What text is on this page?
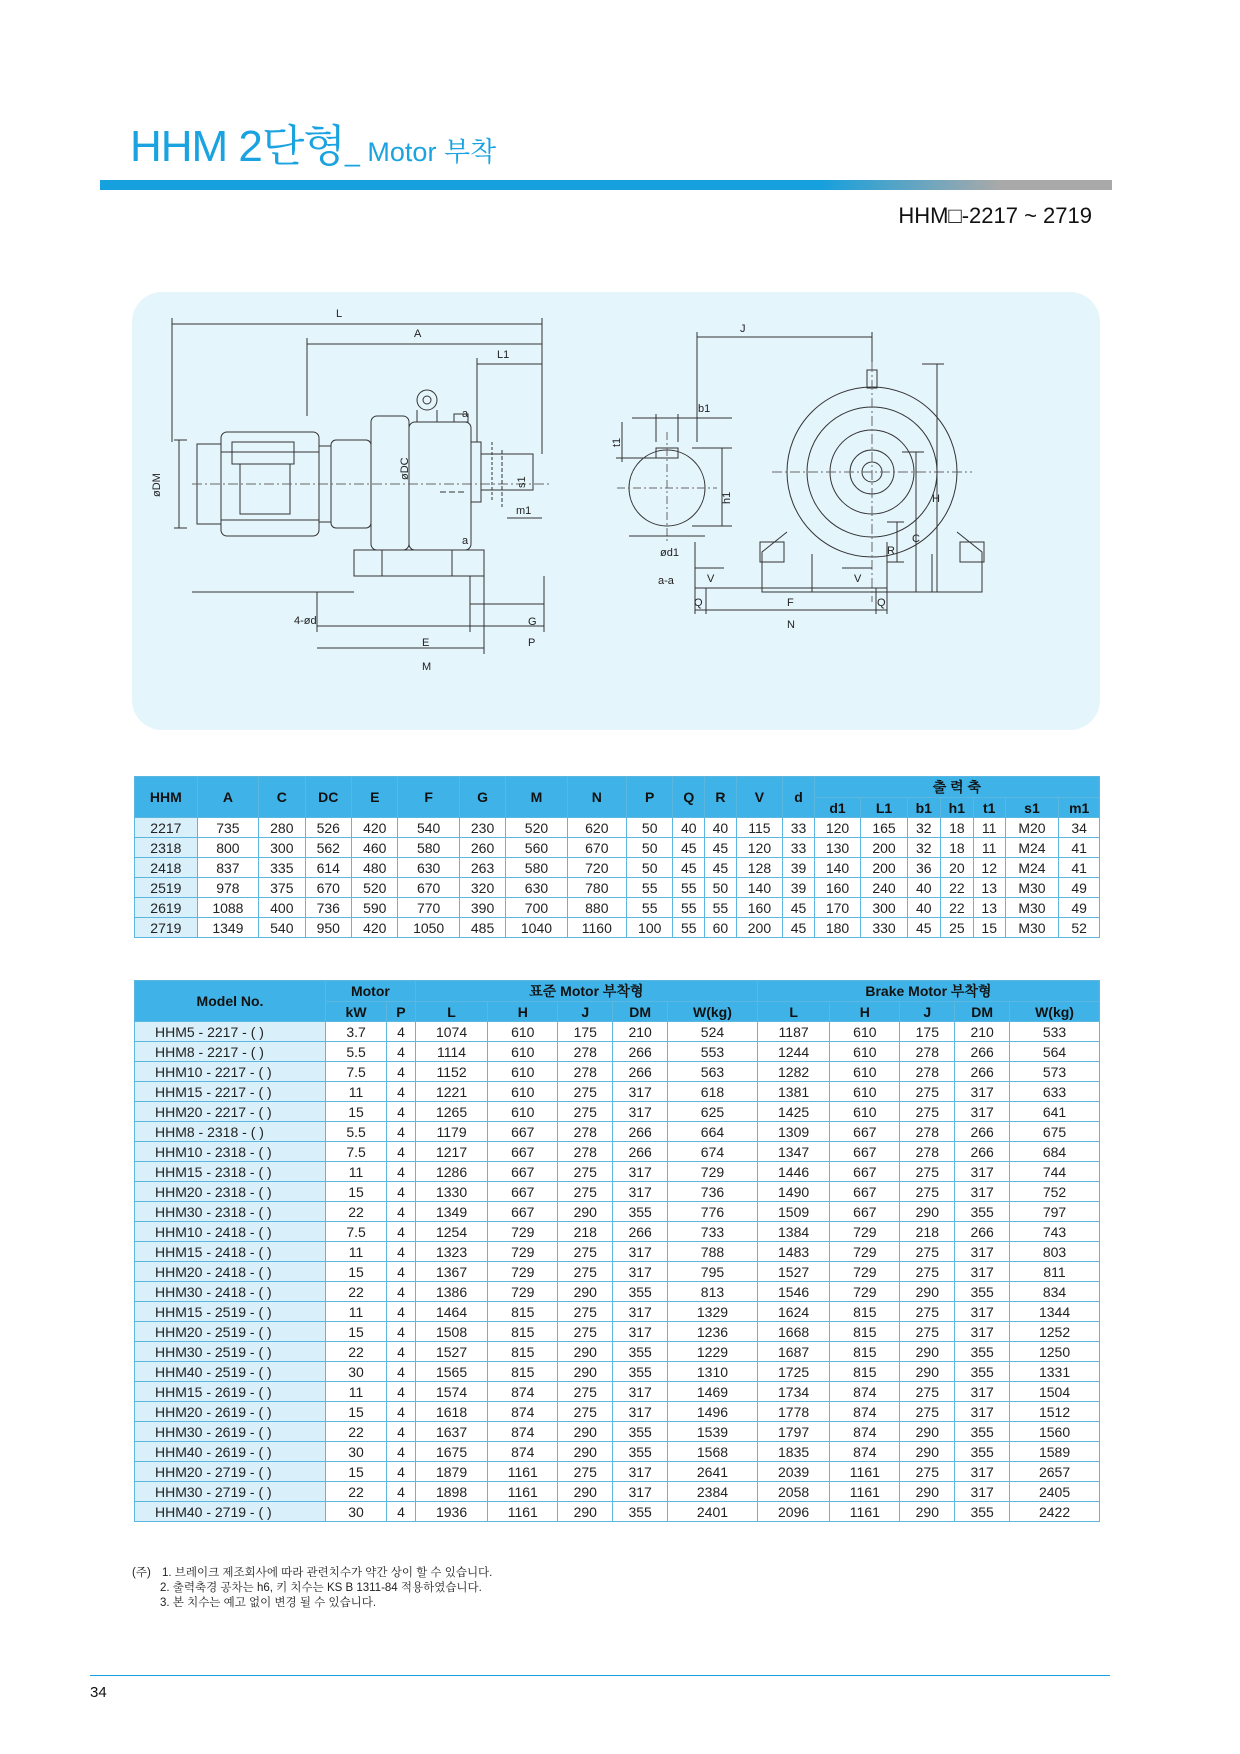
HHM 2단형_ Motor 부착
HHM□-2217 ~ 2719
L
A
L1
a
a
m1
øDM
øDC
s1
4-ød	G
E	P
M
b1
t1
h1
ød1
a-a
J
H
C
R
V	V
Q	Q
F
N
HHM	A	C	DC	E	F	G	M	N	P	Q	R	V	d	출 력 축						
														d1	L1	b1	h1	t1	s1	m1
2217	735	280	526	420	540	230	520	620	50	40	40	115	33	120	165	32	18	11	M20	34
2318	800	300	562	460	580	260	560	670	50	45	45	120	33	130	200	32	18	11	M24	41
2418	837	335	614	480	630	263	580	720	50	45	45	128	39	140	200	36	20	12	M24	41
2519	978	375	670	520	670	320	630	780	55	55	50	140	39	160	240	40	22	13	M30	49
2619	1088	400	736	590	770	390	700	880	55	55	55	160	45	170	300	40	22	13	M30	49
2719	1349	540	950	420	1050	485	1040	1160	100	55	60	200	45	180	330	45	25	15	M30	52
Model No.	Motor		표준 Motor 부착형					Brake Motor 부착형				
	kW	P	L	H	J	DM	W(kg)	L	H	J	DM	W(kg)
HHM5 - 2217 - ( )	3.7	4	1074	610	175	210	524	1187	610	175	210	533
HHM8 - 2217 - ( )	5.5	4	1114	610	278	266	553	1244	610	278	266	564
HHM10 - 2217 - ( )	7.5	4	1152	610	278	266	563	1282	610	278	266	573
HHM15 - 2217 - ( )	11	4	1221	610	275	317	618	1381	610	275	317	633
HHM20 - 2217 - ( )	15	4	1265	610	275	317	625	1425	610	275	317	641
HHM8 - 2318 - ( )	5.5	4	1179	667	278	266	664	1309	667	278	266	675
HHM10 - 2318 - ( )	7.5	4	1217	667	278	266	674	1347	667	278	266	684
HHM15 - 2318 - ( )	11	4	1286	667	275	317	729	1446	667	275	317	744
HHM20 - 2318 - ( )	15	4	1330	667	275	317	736	1490	667	275	317	752
HHM30 - 2318 - ( )	22	4	1349	667	290	355	776	1509	667	290	355	797
HHM10 - 2418 - ( )	7.5	4	1254	729	218	266	733	1384	729	218	266	743
HHM15 - 2418 - ( )	11	4	1323	729	275	317	788	1483	729	275	317	803
HHM20 - 2418 - ( )	15	4	1367	729	275	317	795	1527	729	275	317	811
HHM30 - 2418 - ( )	22	4	1386	729	290	355	813	1546	729	290	355	834
HHM15 - 2519 - ( )	11	4	1464	815	275	317	1329	1624	815	275	317	1344
HHM20 - 2519 - ( )	15	4	1508	815	275	317	1236	1668	815	275	317	1252
HHM30 - 2519 - ( )	22	4	1527	815	290	355	1229	1687	815	290	355	1250
HHM40 - 2519 - ( )	30	4	1565	815	290	355	1310	1725	815	290	355	1331
HHM15 - 2619 - ( )	11	4	1574	874	275	317	1469	1734	874	275	317	1504
HHM20 - 2619 - ( )	15	4	1618	874	275	317	1496	1778	874	275	317	1512
HHM30 - 2619 - ( )	22	4	1637	874	290	355	1539	1797	874	290	355	1560
HHM40 - 2619 - ( )	30	4	1675	874	290	355	1568	1835	874	290	355	1589
HHM20 - 2719 - ( )	15	4	1879	1161	275	317	2641	2039	1161	275	317	2657
HHM30 - 2719 - ( )	22	4	1898	1161	290	317	2384	2058	1161	290	317	2405
HHM40 - 2719 - ( )	30	4	1936	1161	290	355	2401	2096	1161	290	355	2422
(주) 1. 브레이크 제조회사에 따라 관련치수가 약간 상이 할 수 있습니다.
2. 출력축경 공차는 h6, 키 치수는 KS B 1311-84 적용하였습니다.
3. 본 치수는 예고 없이 변경 될 수 있습니다.
34
